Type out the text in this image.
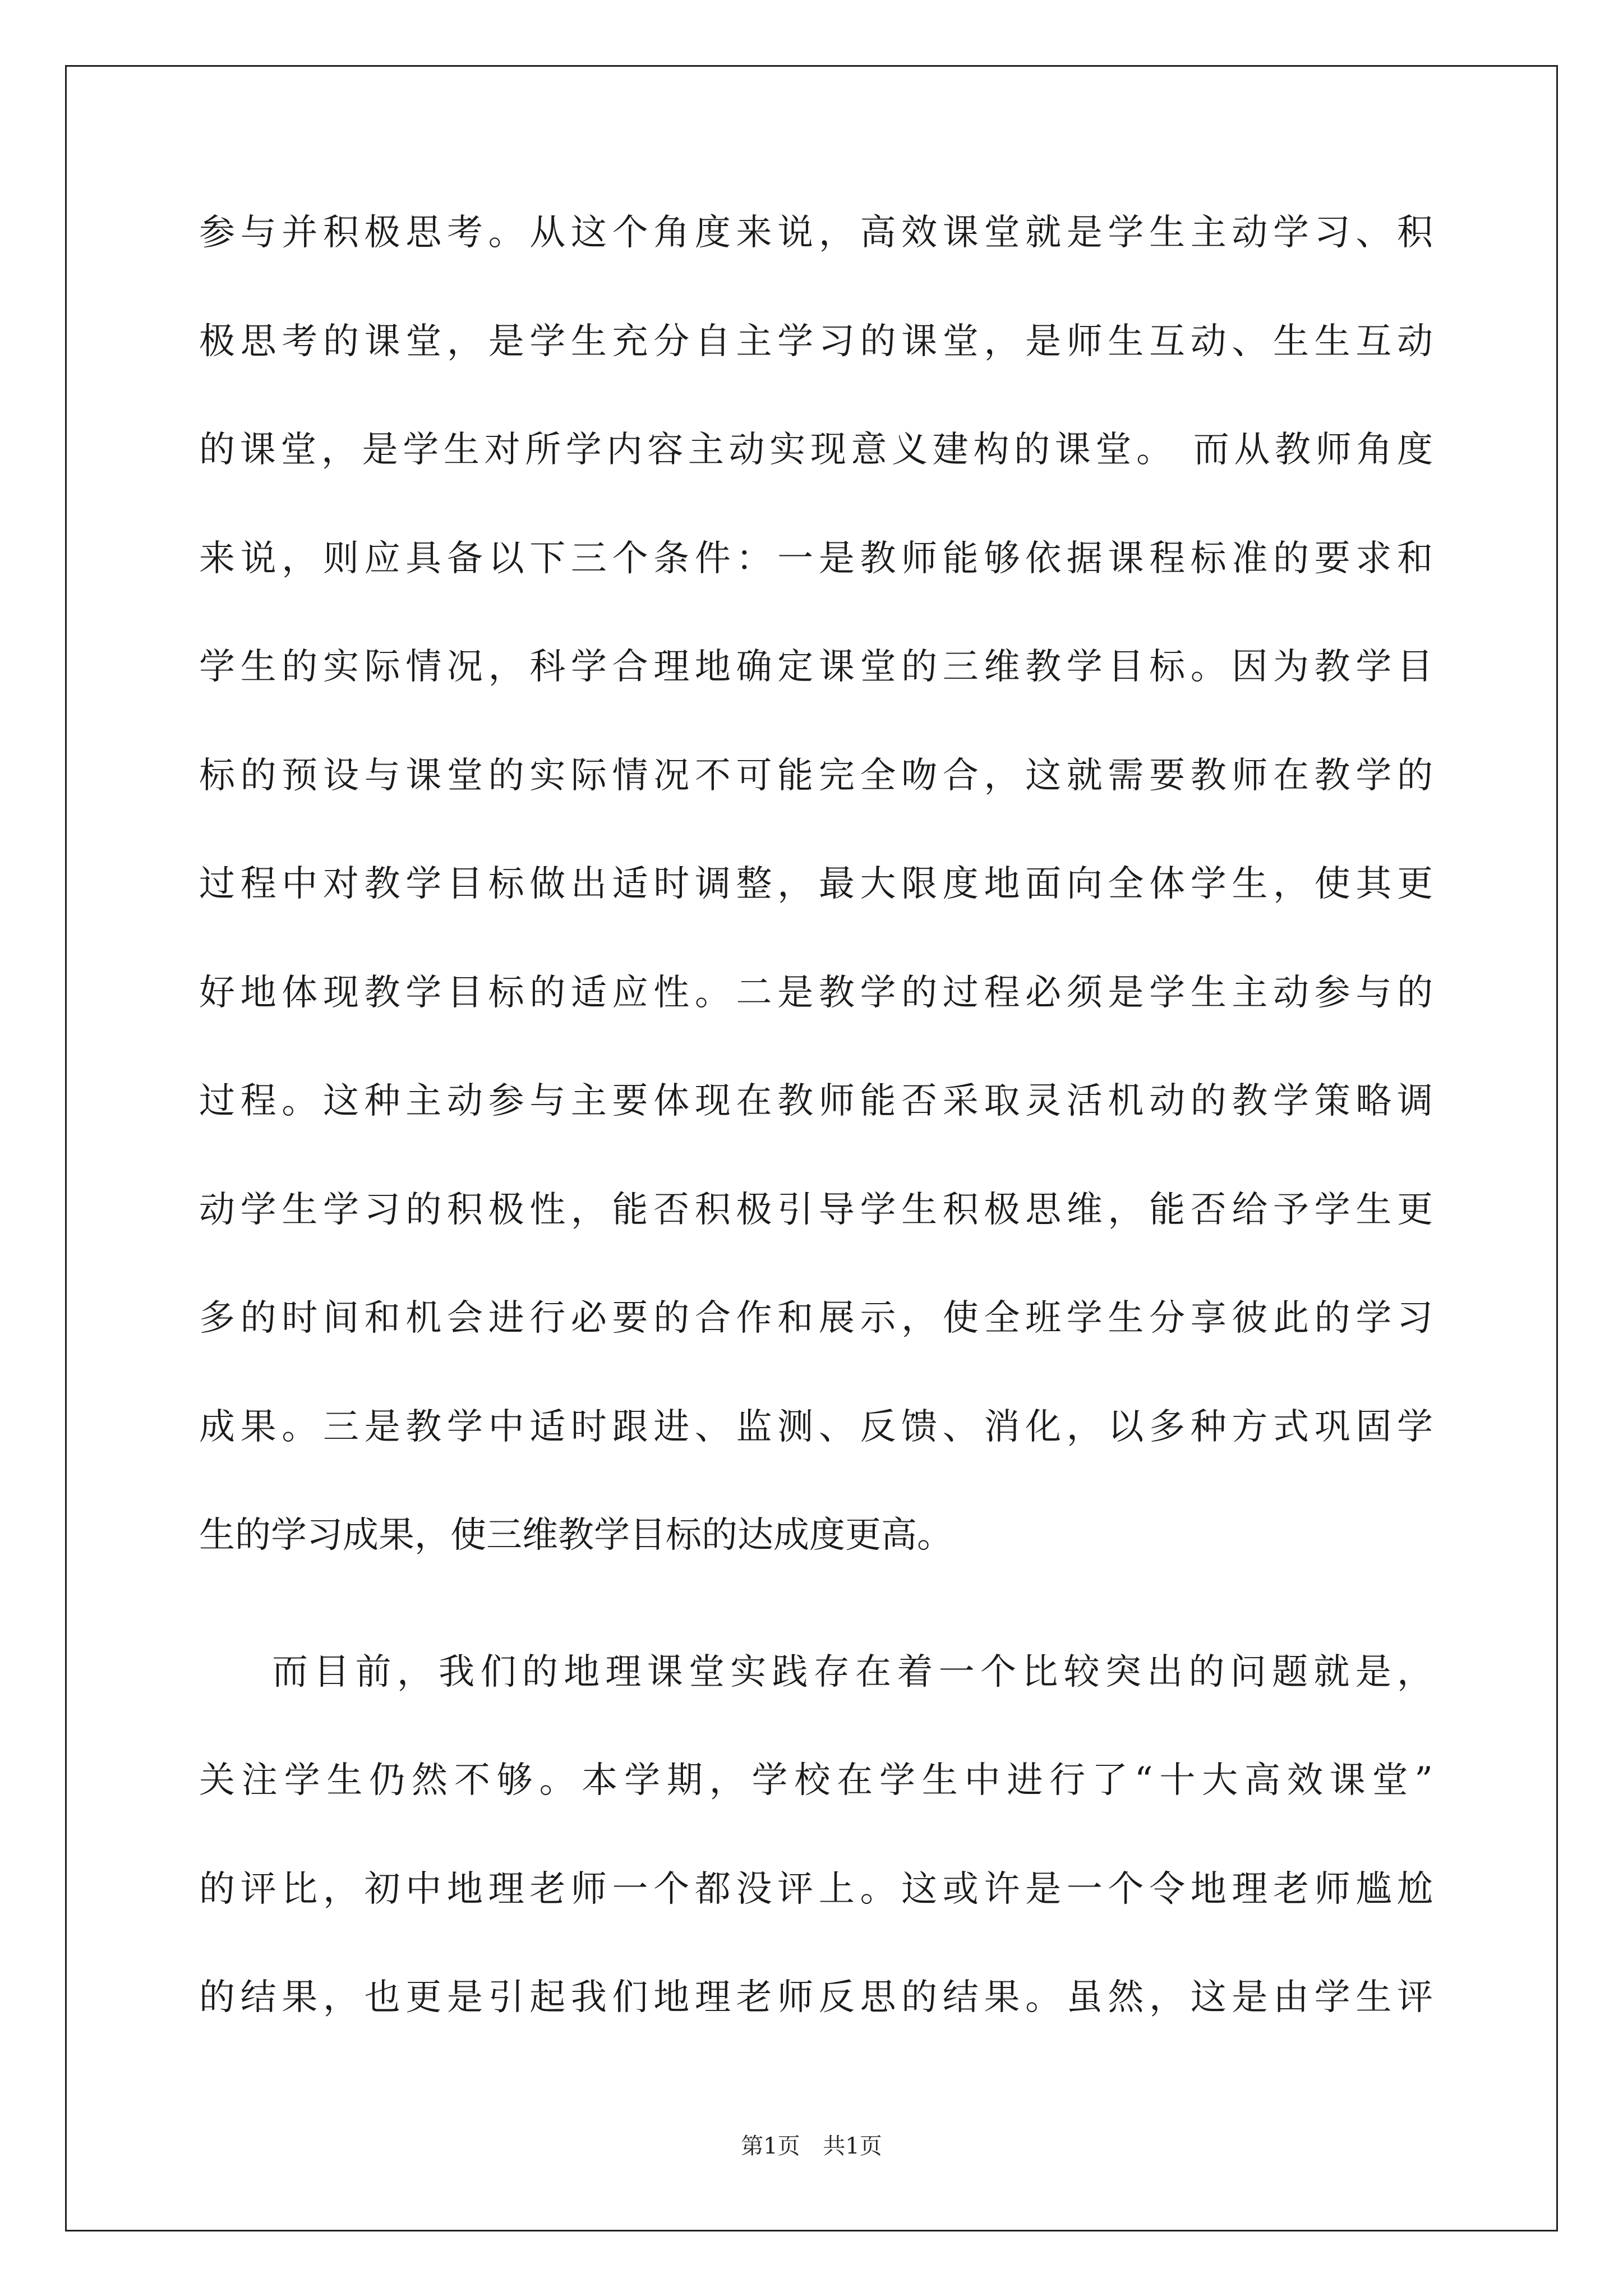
参与并积极思考。从这个角度来说，高效课堂就是学生主动学习、积
极思考的课堂，是学生充分自主学习的课堂，是师生互动、生生互动
的课堂，是学生对所学内容主动实现意义建构的课堂。 而从教师角度
来说，则应具备以下三个条件：一是教师能够依据课程标准的要求和
学生的实际情况，科学合理地确定课堂的三维教学目标。因为教学目
标的预设与课堂的实际情况不可能完全吻合，这就需要教师在教学的
过程中对教学目标做出适时调整，最大限度地面向全体学生，使其更
好地体现教学目标的适应性。二是教学的过程必须是学生主动参与的
过程。这种主动参与主要体现在教师能否采取灵活机动的教学策略调
动学生学习的积极性，能否积极引导学生积极思维，能否给予学生更
多的时间和机会进行必要的合作和展示，使全班学生分享彼此的学习
成果。三是教学中适时跟进、监测、反馈、消化，以多种方式巩固学
生的学习成果，使三维教学目标的达成度更高。
而目前，我们的地理课堂实践存在着一个比较突出的问题就是，
关注学生仍然不够。本学期，学校在学生中进行了“十大高效课堂”
的评比，初中地理老师一个都没评上。这或许是一个令地理老师尴尬
的结果，也更是引起我们地理老师反思的结果。虽然，这是由学生评
第1页 共1页
